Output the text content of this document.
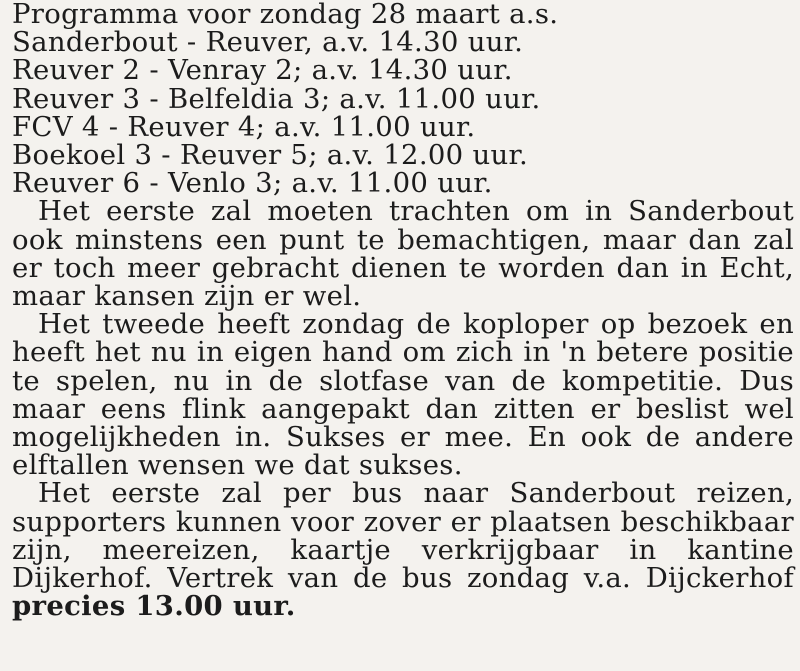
Programma voor zondag 28 maart a.s.

Sanderbout - Reuver, a.v. 14.30 uur.

Reuver 2 - Venray 2; a.v. 14.30 uur.

Reuver 3 - Belfeldia 3; a.v. 11.00 uur.

FCV 4 - Reuver 4; a.v. 11.00 uur.

Boekoel 3 - Reuver 5; a.v. 12.00 uur.

Reuver 6 - Venlo 3; a.v. 11.00 uur.

Het eerste zal moeten trachten om in Sanderbout ook minstens een punt te bemachtigen, maar dan zal er toch meer gebracht dienen te worden dan in Echt, maar kansen zijn er wel.

Het tweede heeft zondag de koploper op bezoek en heeft het nu in eigen hand om zich in 'n betere positie te spelen, nu in de slotfase van de kompetitie. Dus maar eens flink aangepakt dan zitten er beslist wel mogelijkheden in. Sukses er mee. En ook de andere elftallen wensen we dat sukses.

Het eerste zal per bus naar Sanderbout reizen, supporters kunnen voor zover er plaatsen beschikbaar zijn, meereizen, kaartje verkrijgbaar in kantine Dijkerhof. Vertrek van de bus zondag v.a. Dijckerhof precies 13.00 uur.
